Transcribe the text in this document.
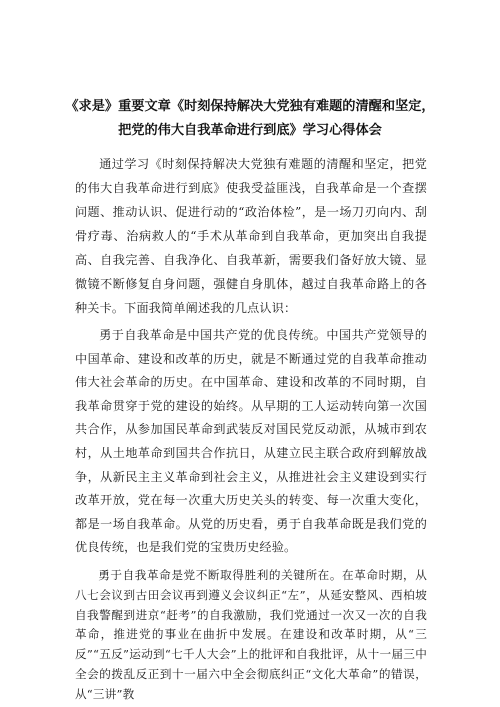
《求是》重要文章《时刻保持解决大党独有难题的清醒和坚定，
把党的伟大自我革命进行到底》学习心得体会

通过学习《时刻保持解决大党独有难题的清醒和坚定，把党的伟大自我革命进行到底》使我受益匪浅，自我革命是一个查摆问题、推动认识、促进行动的“政治体检”，是一场刀刃向内、刮骨疗毒、治病救人的“手术从革命到自我革命，更加突出自我提高、自我完善、自我净化、自我革新，需要我们备好放大镜、显微镜不断修复自身问题，强健自身肌体，越过自我革命路上的各种关卡。下面我简单阐述我的几点认识：

勇于自我革命是中国共产党的优良传统。中国共产党领导的中国革命、建设和改革的历史，就是不断通过党的自我革命推动伟大社会革命的历史。在中国革命、建设和改革的不同时期，自我革命贯穿于党的建设的始终。从早期的工人运动转向第一次国共合作，从参加国民革命到武装反对国民党反动派，从城市到农村，从土地革命到国共合作抗日，从建立民主联合政府到解放战争，从新民主主义革命到社会主义，从推进社会主义建设到实行改革开放，党在每一次重大历史关头的转变、每一次重大变化，都是一场自我革命。从党的历史看，勇于自我革命既是我们党的优良传统，也是我们党的宝贵历史经验。

勇于自我革命是党不断取得胜利的关键所在。在革命时期，从八七会议到古田会议再到遵义会议纠正“左”，从延安整风、西柏坡自我警醒到进京“赶考”的自我激励，我们党通过一次又一次的自我革命，推进党的事业在曲折中发展。在建设和改革时期，从“三反”“五反”运动到“七千人大会”上的批评和自我批评，从十一届三中全会的拨乱反正到十一届六中全会彻底纠正“文化大革命”的错误，从“三讲”教
